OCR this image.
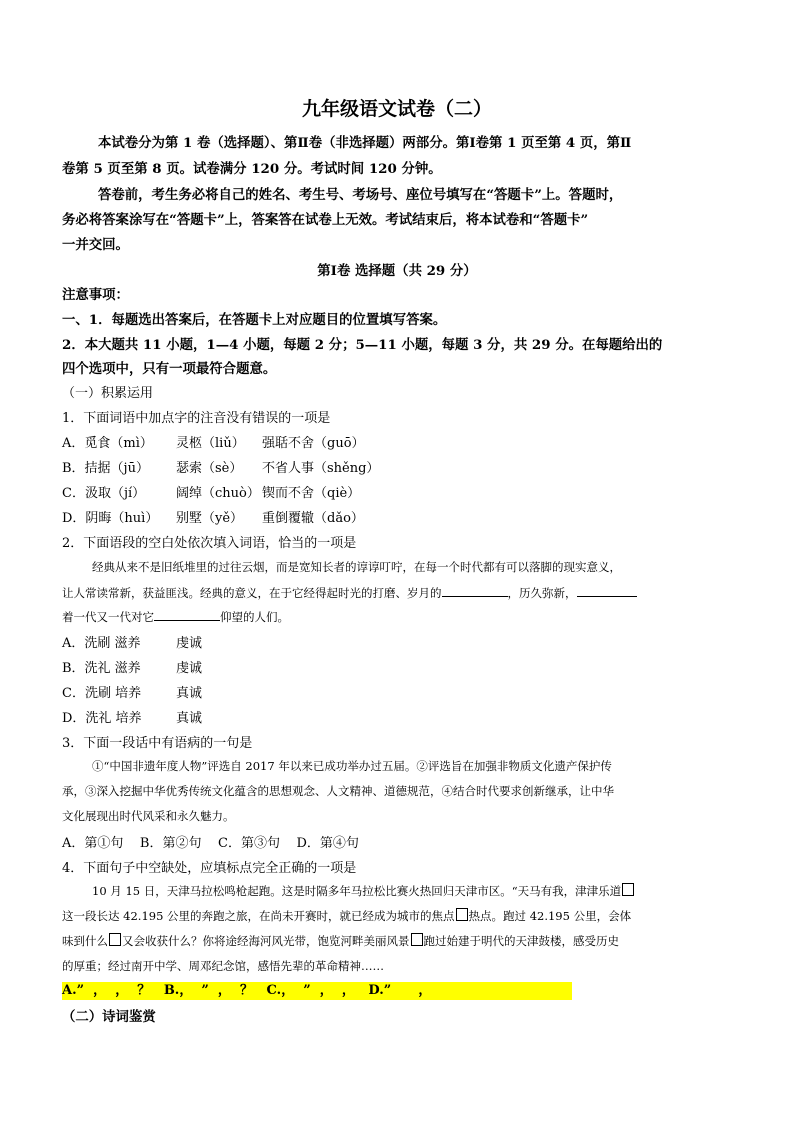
九年级语文试卷（二）
本试卷分为第 1 卷（选择题）、第Ⅱ卷（非选择题）两部分。第Ⅰ卷第 1 页至第 4 页，第Ⅱ
卷第 5 页至第 8 页。试卷满分 120 分。考试时间 120 分钟。
答卷前，考生务必将自己的姓名、考生号、考场号、座位号填写在“答题卡”上。答题时，
务必将答案涂写在“答题卡”上，答案答在试卷上无效。考试结束后，将本试卷和“答题卡”
一并交回。
第Ⅰ卷 选择题（共 29 分）
注意事项：
一、1．每题选出答案后，在答题卡上对应题目的位置填写答案。
2．本大题共 11 小题，1—4 小题，每题 2 分；5—11 小题，每题 3 分，共 29 分。在每题给出的
四个选项中，只有一项最符合题意。
（一）积累运用
1．下面词语中加点字的注音没有错误的一项是
A．觅食（mì） 灵柩（liǔ） 强聒不舍（guō）
B．拮据（jū） 瑟索（sè） 不省人事（shěng）
C．汲取（jí） 阔绰（chuò） 锲而不舍（qiè）
D．阴晦（huì） 别墅（yě） 重倒覆辙（dǎo）
2．下面语段的空白处依次填入词语，恰当的一项是
经典从来不是旧纸堆里的过往云烟，而是宽知长者的谆谆叮咛，在每一个时代都有可以落脚的现实意义，
让人常读常新，获益匪浅。经典的意义，在于它经得起时光的打磨、岁月的	，历久弥新，
着一代又一代对它	仰望的人们。
A．洗刷 滋养	虔诚
B．洗礼 滋养	虔诚
C．洗刷 培养	真诚
D．洗礼 培养	真诚
3．下面一段话中有语病的一句是
①“中国非遗年度人物”评选自 2017 年以来已成功举办过五届。②评选旨在加强非物质文化遗产保护传
承，③深入挖掘中华优秀传统文化蕴含的思想观念、人文精神、道德规范，④结合时代要求创新继承，让中华
文化展现出时代风采和永久魅力。
A．第①句    B．第②句    C．第③句    D．第④句
4．下面句子中空缺处，应填标点完全正确的一项是
10 月 15 日，天津马拉松鸣枪起跑。这是时隔多年马拉松比赛火热回归天津市区。“天马有我，津津乐道
这一段长达 42.195 公里的奔跑之旅，在尚未开赛时，就已经成为城市的焦点 热点。跑过 42.195 公里，会体
味到什么 又会收获什么？你将途经海河风光带，饱览河畔美丽风景 跑过始建于明代的天津鼓楼，感受历史
的厚重；经过南开中学、周邓纪念馆，感悟先辈的革命精神……
A.”  ，  ，  ？   B.，  ”  ，  ？   C.，  ”  ，  ，   D.”      ，
（二）诗词鉴赏
